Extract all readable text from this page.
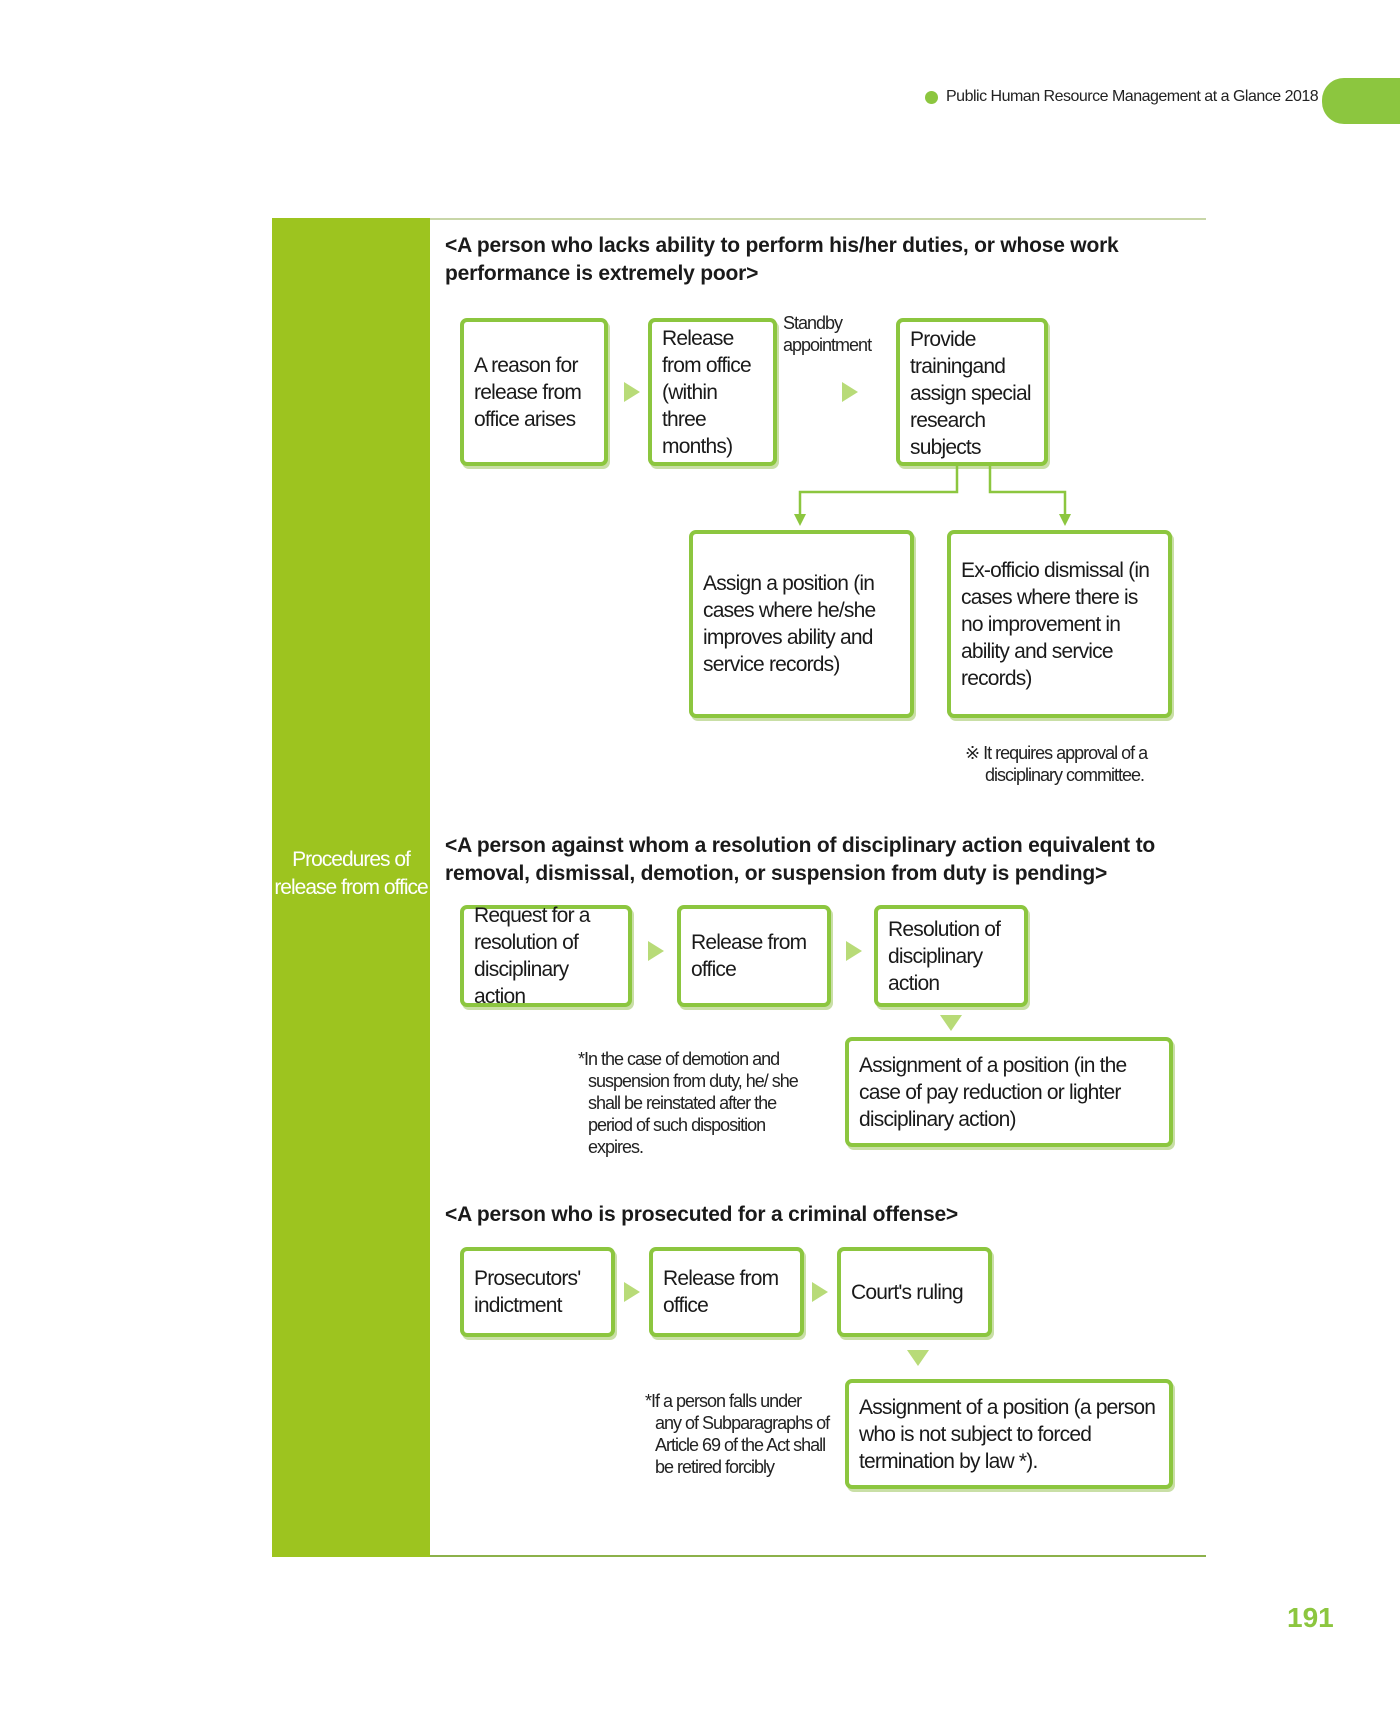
Public Human Resource Management at a Glance 2018
Procedures of release from office
<A person who lacks ability to perform his/her duties, or whose work performance is extremely poor>
A reason for release from office arises
Release from office (within three months)
Standby appointment	Provide trainingand assign special research subjects
Assign a position (in cases where he/she improves ability and service records)
Ex-officio dismissal (in cases where there is no improvement in ability and service records)
※ It requires approval of a disciplinary committee.
<A person against whom a resolution of disciplinary action equivalent to removal, dismissal, demotion, or suspension from duty is pending>
Request for a resolution of disciplinary action
Release from office
Resolution of disciplinary action
*In the case of demotion and suspension from duty, he/ she shall be reinstated after the period of such disposition expires.
Assignment of a position (in the case of pay reduction or lighter disciplinary action)
<A person who is prosecuted for a criminal offense>
Prosecutors' indictment
Release from office
Court's ruling
*If a person falls under any of Subparagraphs of Article 69 of the Act shall be retired forcibly
Assignment of a position (a person who is not subject to forced termination by law *).
191
